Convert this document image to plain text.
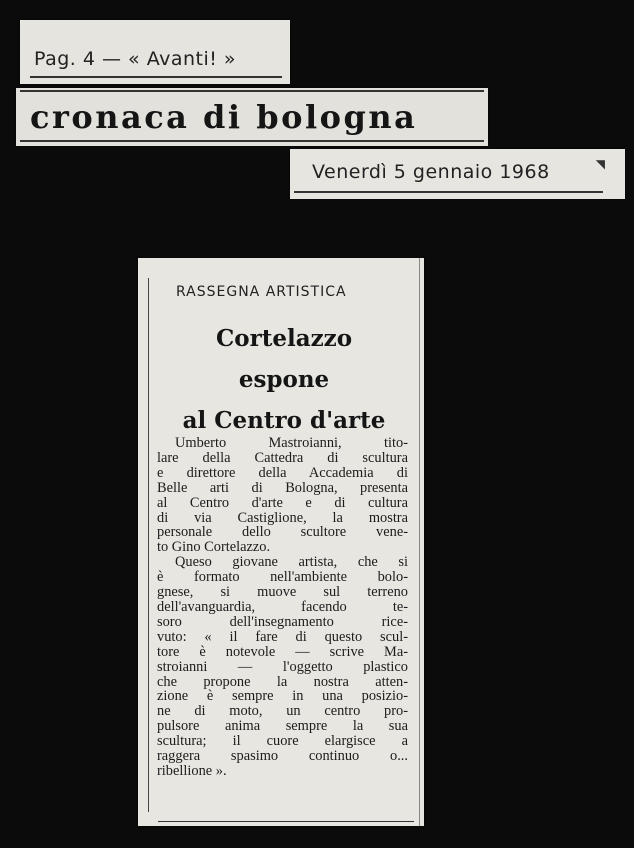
Pag. 4 — « Avanti! »
cronaca di bologna
Venerdì 5 gennaio 1968	◥
RASSEGNA ARTISTICA
Cortelazzo
espone
al Centro d'arte
Umberto Mastroianni, tito-
lare della Cattedra di scultura
e direttore della Accademia di
Belle arti di Bologna, presenta
al Centro d'arte e di cultura
di via Castiglione, la mostra
personale dello scultore vene-
to Gino Cortelazzo.
Queso giovane artista, che si
è formato nell'ambiente bolo-
gnese, si muove sul terreno
dell'avanguardia, facendo te-
soro dell'insegnamento rice-
vuto: « il fare di questo scul-
tore è notevole — scrive Ma-
stroianni — l'oggetto plastico
che propone la nostra atten-
zione è sempre in una posizio-
ne di moto, un centro pro-
pulsore anima sempre la sua
scultura; il cuore elargisce a
raggera spasimo continuo o...
ribellione ».
